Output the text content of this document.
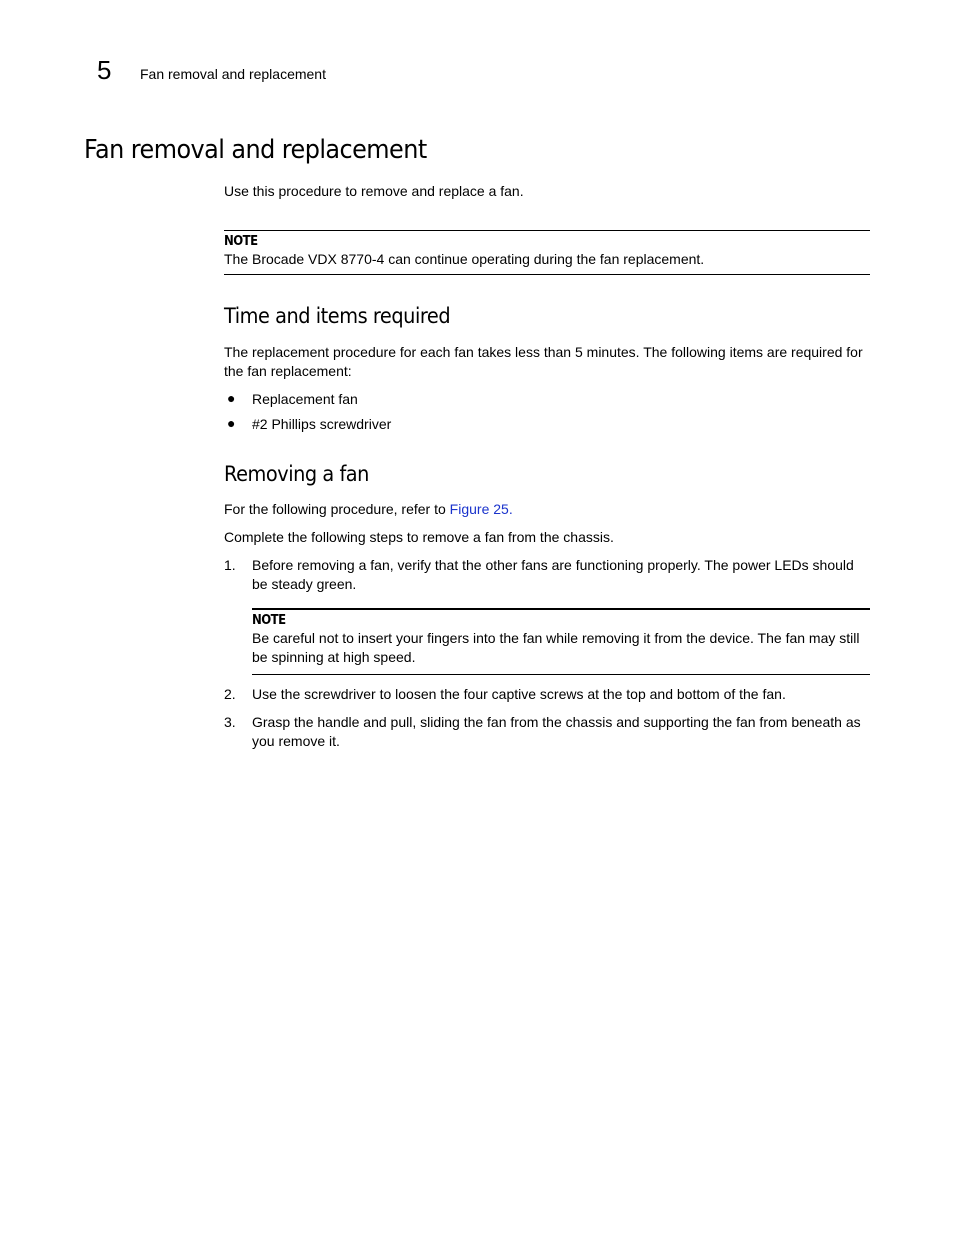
5	Fan removal and replacement
Fan removal and replacement
Use this procedure to remove and replace a fan.
NOTE
The Brocade VDX 8770-4 can continue operating during the fan replacement.
Time and items required
The replacement procedure for each fan takes less than 5 minutes. The following items are required for the fan replacement:
● Replacement fan
● #2 Phillips screwdriver
Removing a fan
For the following procedure, refer to Figure 25.
Complete the following steps to remove a fan from the chassis.
1.	Before removing a fan, verify that the other fans are functioning properly. The power LEDs should be steady green.
NOTE
Be careful not to insert your fingers into the fan while removing it from the device. The fan may still be spinning at high speed.
2.	Use the screwdriver to loosen the four captive screws at the top and bottom of the fan.
3.	Grasp the handle and pull, sliding the fan from the chassis and supporting the fan from beneath as you remove it.
